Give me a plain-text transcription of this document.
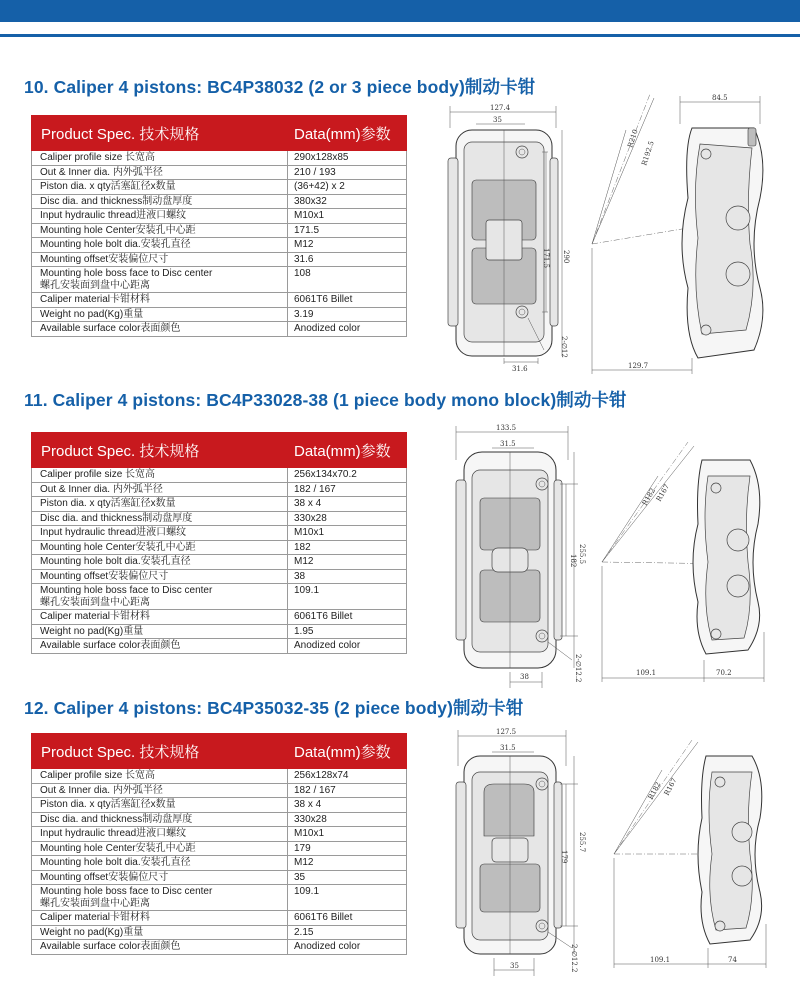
10. Caliper 4 pistons: BC4P38032 (2 or 3 piece body)制动卡钳
Product Spec. 技术规格	Data(mm)参数
Caliper profile size 长宽高	290x128x85
Out & Inner dia. 内外弧半径	210 / 193
Piston dia. x qty活塞缸径x数量	(36+42) x 2
Disc dia. and thickness制动盘厚度	380x32
Input hydraulic thread进液口螺纹	M10x1
Mounting hole Center安装孔中心距	171.5
Mounting hole bolt dia.安装孔直径	M12
Mounting offset安装偏位尺寸	31.6
Mounting hole boss face to Disc center
螺孔安装面到盘中心距离	108
Caliper material卡钳材料	6061T6 Billet
Weight no pad(Kg)重量	3.19
Available surface color表面颜色	Anodized color
127.4
35
171.5 290
2-∅12
31.6
84.5
R210
R192.5
129.7
11. Caliper 4 pistons: BC4P33028-38 (1 piece body mono block)制动卡钳
Product Spec. 技术规格	Data(mm)参数
Caliper profile size 长宽高	256x134x70.2
Out & Inner dia. 内外弧半径	182 / 167
Piston dia. x qty活塞缸径x数量	38 x 4
Disc dia. and thickness制动盘厚度	330x28
Input hydraulic thread进液口螺纹	M10x1
Mounting hole Center安装孔中心距	182
Mounting hole bolt dia.安装孔直径	M12
Mounting offset安装偏位尺寸	38
Mounting hole boss face to Disc center
螺孔安装面到盘中心距离	109.1
Caliper material卡钳材料	6061T6 Billet
Weight no pad(Kg)重量	1.95
Available surface color表面颜色	Anodized color
133.5
31.5
182 255.5
2-∅12.2
38
R182
R167
109.1	70.2
12. Caliper 4 pistons: BC4P35032-35 (2 piece body)制动卡钳
Product Spec. 技术规格	Data(mm)参数
Caliper profile size 长宽高	256x128x74
Out & Inner dia. 内外弧半径	182 / 167
Piston dia. x qty活塞缸径x数量	38 x 4
Disc dia. and thickness制动盘厚度	330x28
Input hydraulic thread进液口螺纹	M10x1
Mounting hole Center安装孔中心距	179
Mounting hole bolt dia.安装孔直径	M12
Mounting offset安装偏位尺寸	35
Mounting hole boss face to Disc center
螺孔安装面到盘中心距离	109.1
Caliper material卡钳材料	6061T6 Billet
Weight no pad(Kg)重量	2.15
Available surface color表面颜色	Anodized color
127.5
31.5
179
255.7
2-∅12.2
35
R182 R167
109.1	74
